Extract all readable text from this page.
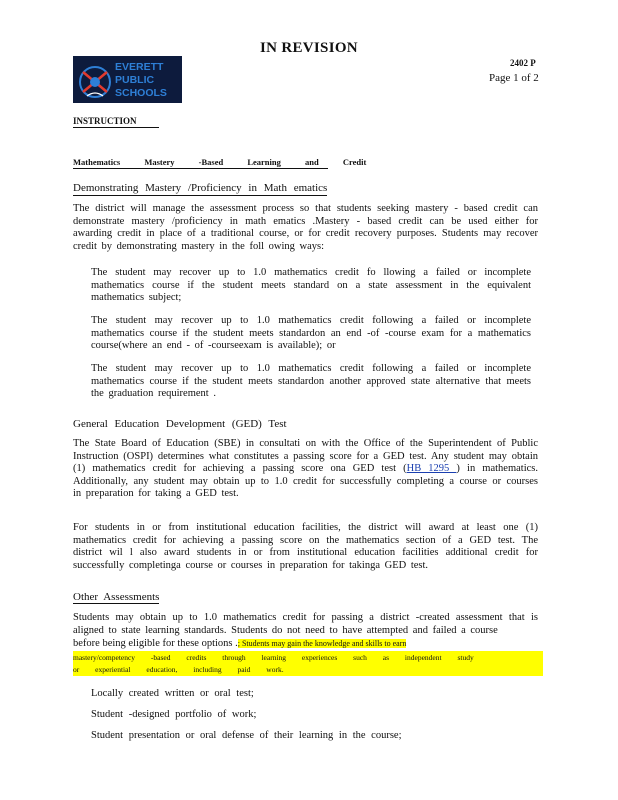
IN REVISION
EVERETT
PUBLIC
SCHOOLS
2402 P
Page 1 of 2
INSTRUCTION
Mathematics Mastery -Based Learning and Credit
Demonstrating Mastery /Proficiency in Math ematics
The district will manage the assessment process so that students seeking mastery - based credit can demonstrate mastery /proficiency in math ematics .Mastery - based credit can be used either for awarding credit in place of a traditional course, or for credit recovery purposes. Students may recover credit by demonstrating mastery in the foll owing ways:
The student may recover up to 1.0 mathematics credit fo llowing a failed or incomplete mathematics course if the student meets standard on a state assessment in the equivalent mathematics subject;
The student may recover up to 1.0 mathematics credit following a failed or incomplete mathematics course if the student meets standardon an end -of -course exam for a mathematics course(where an end - of -courseexam is available); or
The student may recover up to 1.0 mathematics credit following a failed or incomplete mathematics course if the student meets standardon another approved state alternative that meets the graduation requirement .
General Education Development (GED) Test
The State Board of Education (SBE) in consultati on with the Office of the Superintendent of Public Instruction (OSPI) determines what constitutes a passing score for a GED test. Any student may obtain (1) mathematics credit for achieving a passing score ona GED test (HB 1295 ) in mathematics. Additionally, any student may obtain up to 1.0 credit for successfully completing a course or courses in preparation for taking a GED test.
For students in or from institutional education facilities, the district will award at least one (1) mathematics credit for achieving a passing score on the mathematics section of a GED test. The district wil l also award students in or from institutional education facilities additional credit for successfully completinga course or courses in preparation for takinga GED test.
Other Assessments
Students may obtain up to 1.0 mathematics credit for passing a district -created assessment that is aligned to state learning standards. Students do not need to have attempted and failed a course
before being eligible for these options .; Students may gain the knowledge and skills to earn
mastery/competency -based credits through learning experiences such as independent study
or experiential education, including paid work.
Locally created written or oral test;
Student -designed portfolio of work;
Student presentation or oral defense of their learning in the course;
